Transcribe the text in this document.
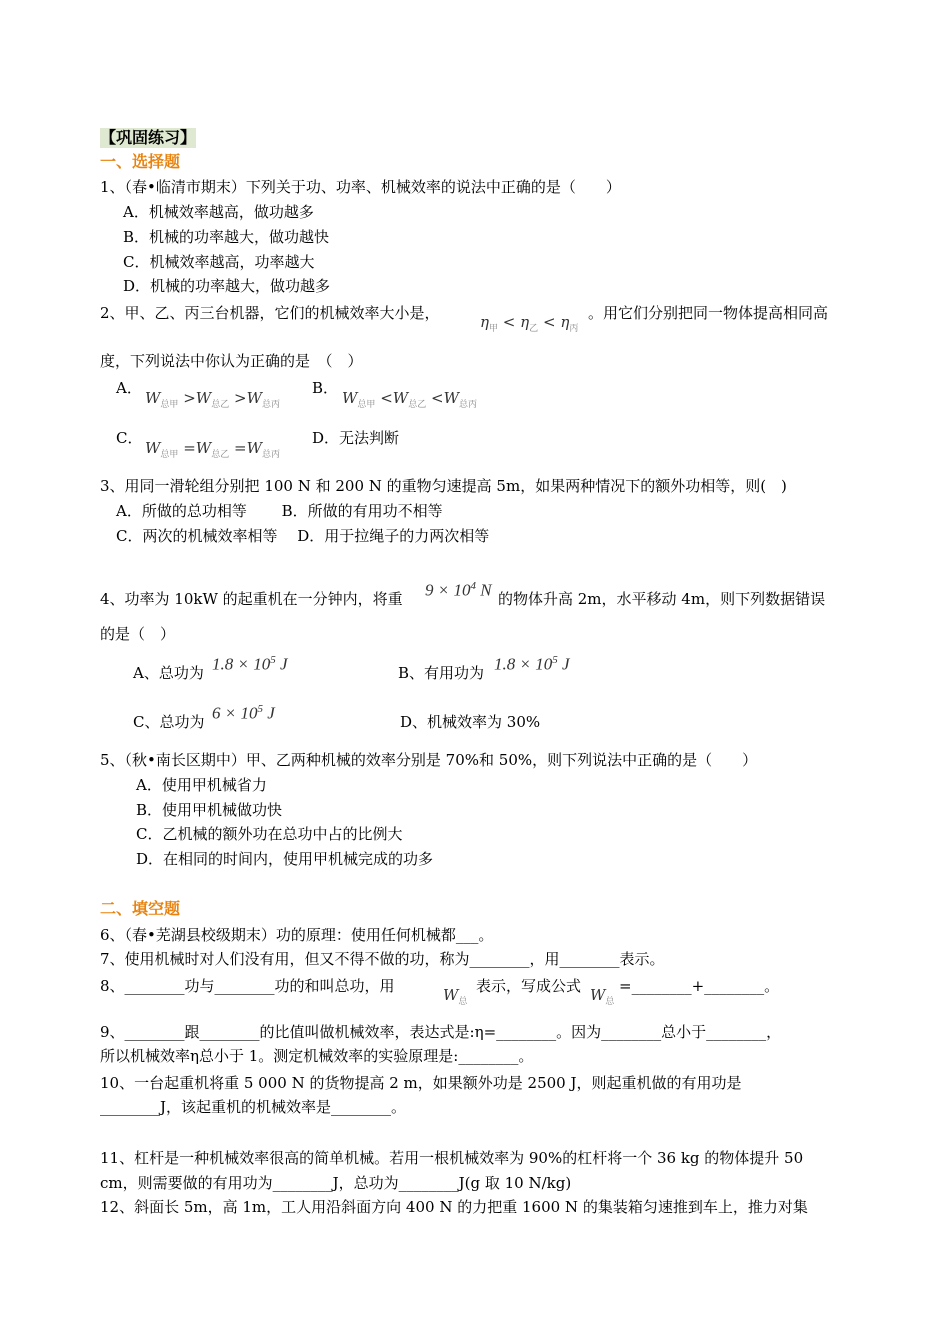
【巩固练习】
一、选择题
1、（春•临清市期末）下列关于功、功率、机械效率的说法中正确的是（　　）
A．机械效率越高，做功越多
B．机械的功率越大，做功越快
C．机械效率越高，功率越大
D．机械的功率越大，做功越多
2、甲、乙、丙三台机器，它们的机械效率大小是，	$\eta_甲 < \eta_乙 < \eta_丙$
。用它们分别把同一物体提高相同高
度，下列说法中你认为正确的是　（　）
A．
$W_{总甲} >W_{总乙} >W_{总丙}$
B．
$W_{总甲} <W_{总乙} <W_{总丙}$
C．
$W_{总甲} =W_{总乙} =W_{总丙}$
D．无法判断
3、用同一滑轮组分别把 100 N 和 200 N 的重物匀速提高 5m，如果两种情况下的额外功相等，则(　)
A．所做的总功相等　　 B．所做的有用功不相等
C．两次的机械效率相等　 D．用于拉绳子的力两次相等
4、功率为 10kW 的起重机在一分钟内，将重 $9 \times 10^4$ N 的物体升高 2m，水平移动 4m，则下列数据错误
的是（　）
A、总功为 $1.8 \times 10^5$ J	B、有用功为 $1.8 \times 10^5$ J
C、总功为 $6 \times 10^5$ J	D、机械效率为 30%
5、（秋•南长区期中）甲、乙两种机械的效率分别是 70%和 50%，则下列说法中正确的是（　　）
A．使用甲机械省力
B．使用甲机械做功快
C．乙机械的额外功在总功中占的比例大
D．在相同的时间内，使用甲机械完成的功多
二、填空题
6、（春•芜湖县校级期末）功的原理：使用任何机械都___。
7、使用机械时对人们没有用，但又不得不做的功，称为________，用________表示。
8、________功与________功的和叫总功，用	$W_总$
表示，写成公式 $W_总$
=________+________。
9、________跟________的比值叫做机械效率，表达式是:η=________。因为________总小于________，
所以机械效率η总小于 1。测定机械效率的实验原理是:________。
10、一台起重机将重 5 000 N 的货物提高 2 m，如果额外功是 2500 J，则起重机做的有用功是
________J，该起重机的机械效率是________。
11、杠杆是一种机械效率很高的简单机械。若用一根机械效率为 90%的杠杆将一个 36 kg 的物体提升 50
cm，则需要做的有用功为________J，总功为________J(g 取 10 N/kg)
12、斜面长 5m，高 1m，工人用沿斜面方向 400 N 的力把重 1600 N 的集装箱匀速推到车上，推力对集
